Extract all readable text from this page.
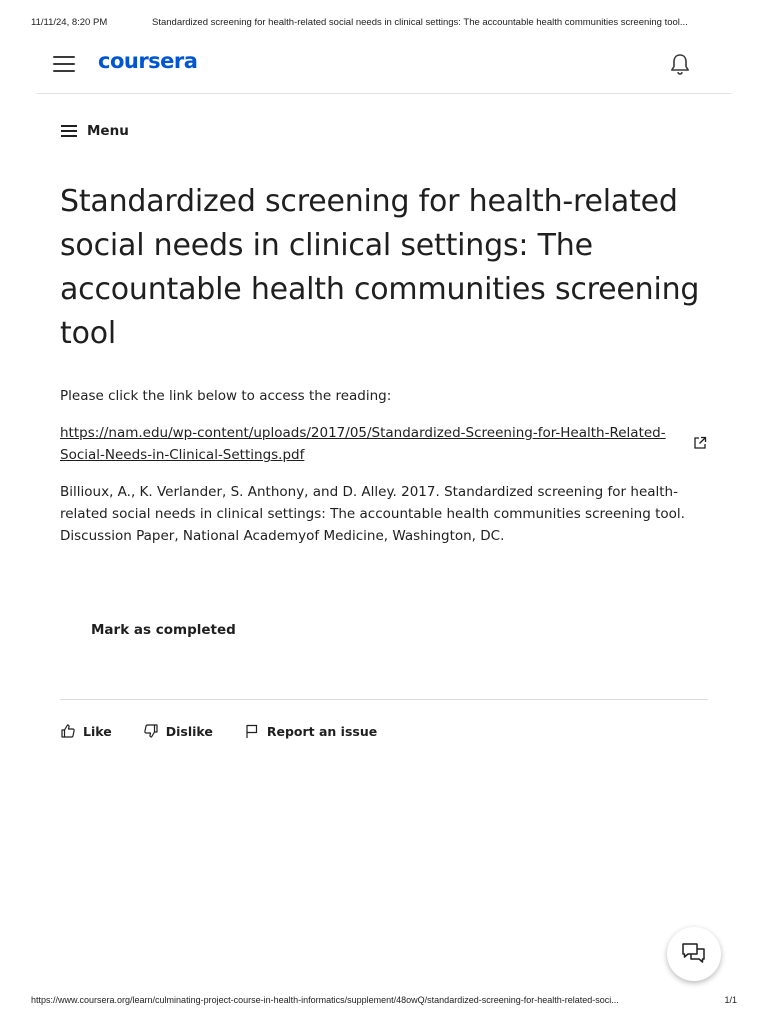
11/11/24, 8:20 PM	Standardized screening for health-related social needs in clinical settings: The accountable health communities screening tool...
coursera
Menu
Standardized screening for health-related social needs in clinical settings: The accountable health communities screening tool

Please click the link below to access the reading:

https://nam.edu/wp-content/uploads/2017/05/Standardized-Screening-for-Health-Related-Social-Needs-in-Clinical-Settings.pdf

Billioux, A., K. Verlander, S. Anthony, and D. Alley. 2017. Standardized screening for health-related social needs in clinical settings: The accountable health communities screening tool. Discussion Paper, National Academyof Medicine, Washington, DC.

Mark as completed
Like	Dislike	Report an issue
https://www.coursera.org/learn/culminating-project-course-in-health-informatics/supplement/48owQ/standardized-screening-for-health-related-soci...	1/1
